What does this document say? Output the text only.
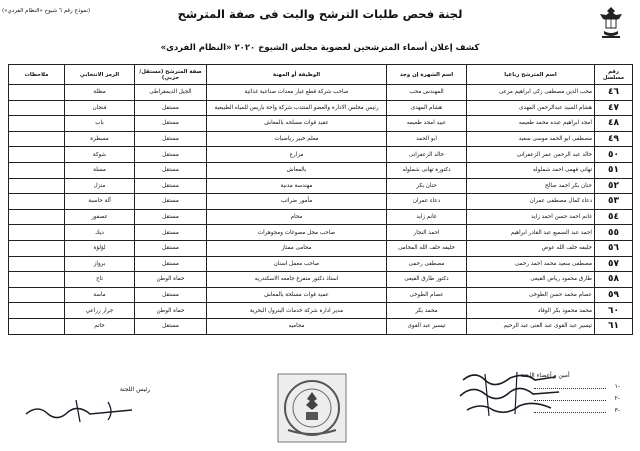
(نموذج رقم ٦ شيوخ «النظام الفردي»)	لجنة فحص طلبات الترشح والبت فى صفة المترشح
كشف إعلان أسماء المترشحين لعضوية مجلس الشيوخ ٢٠٢٠ «النظام الفردى»
رقم مسلسل	اسم المترشح رباعيا	اسم الشهرة إن وجد	الوظيفة أو المهنة	صفة المترشح (مستقل/حزبي)	الرمز الانتخابي	ملاحظات
٤٦	محب الدين مصطفى زكى ابراهيم مرعى	المهندس محب	صاحب شركة قطع غيار معدات صناعية غذائية	الجيل الديمقراطى	مظلة	
٤٧	هشام السيد عبدالرحمن المهدى	هشام المهدى	رئيس مجلس الادارة والعضو المنتدب شركة واحة باريس للمياه الطبيعية	مستقل	فنجان	
٤٨	امجد ابراهيم عبده محمد طعيمه	عبيد امجد طعيمه	عقيد قوات مسلحه بالمعاش	مستقل	باب	
٤٩	مصطفى ابو الحمد موسى سعيد	ابو الحمد	معلم خبير رياضيات	مستقل	مسطرة	
٥٠	خالد عبد الرحمن عمر الزعفرانى	خالد الزعفرانى	مزارع	مستقل	شوكة	
٥١	تهانى فهمى احمد شملوله	دكتورة تهانى شملوله	بالمعاش	مستقل	مسلة	
٥٢	حنان بكر احمد صالح	حنان بكر	مهندسة مدنية	مستقل	منزل	
٥٣	دعاء كمال مصطفى عمران	دعاء عمران	مأمور ضرائب	مستقل	آلة حاسبة	
٥٤	غانم احمد حسن احمد زايد	غانم زايد	محام	مستقل	عصفور	
٥٥	احمد عبد السميع عبد القادر ابراهيم	احمد النجار	صاحب محل مصوغات ومجوهرات	مستقل	ديك	
٥٦	خليفه خلف الله عوض	خليفه خلف الله المحامى	محامى ممتاز	مستقل	لؤلؤة	
٥٧	مصطفى سعيد محمد احمد رحمى	مصطفى رحمى	صاحب معمل اسنان	مستقل	برواز	
٥٨	طارق محمود رياض القيعى	دكتور طارق القيعى	استاذ دكتور متفرغ جامعه الاسكندريه	حماة الوطن	تاج	
٥٩	عصام محمد حسن الطوخى	عصام الطوخى	عميد قوات مسلحة بالمعاش	مستقل	ماسة	
٦٠	محمد محمود بكر الوقاد	محمد بكر	مدير ادارة شركة خدمات البترول البحرية	حماة الوطن	جرار زراعي	
٦١	تيسير عبد القوى عبد الغنى عبد الرحيم	تيسير عبد القوى	محاميه	مستقل	خاتم	
أمين و أعضاء اللجنة
-١
-٢
-٣
رئيس اللجنة
